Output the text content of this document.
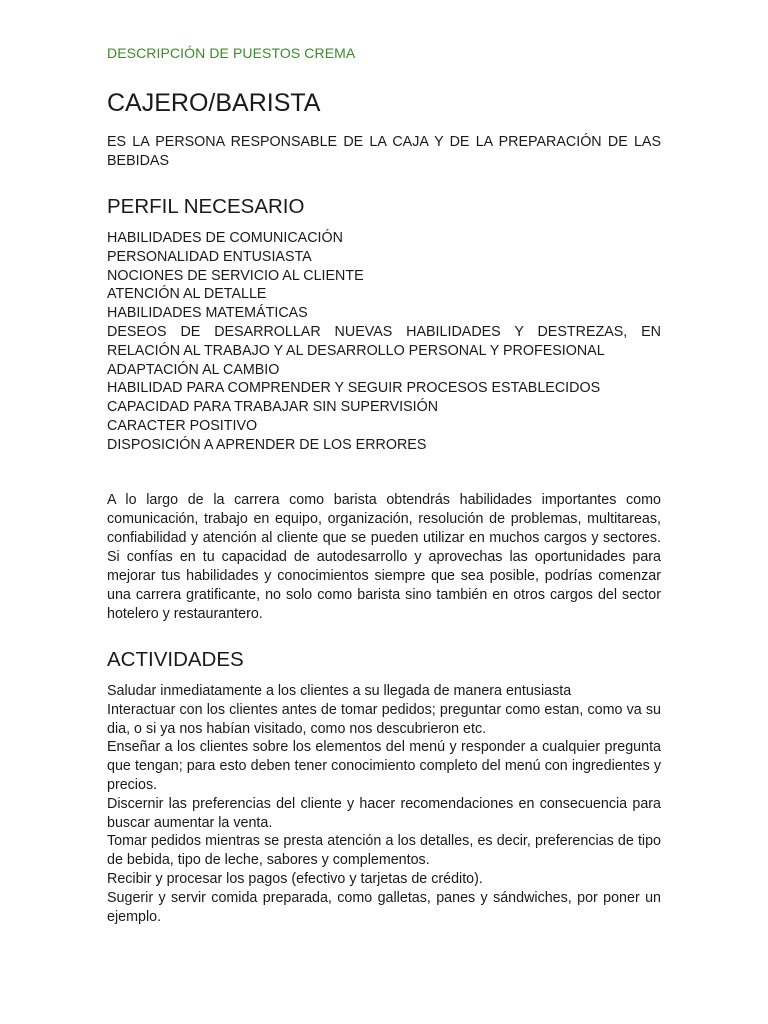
DESCRIPCIÓN DE PUESTOS CREMA
CAJERO/BARISTA

ES LA PERSONA RESPONSABLE DE LA CAJA Y DE LA PREPARACIÓN DE LAS BEBIDAS

PERFIL NECESARIO
HABILIDADES DE COMUNICACIÓN
PERSONALIDAD ENTUSIASTA
NOCIONES DE SERVICIO AL CLIENTE
ATENCIÓN AL DETALLE
HABILIDADES MATEMÁTICAS
DESEOS DE DESARROLLAR NUEVAS HABILIDADES Y DESTREZAS, EN RELACIÓN AL TRABAJO Y AL DESARROLLO PERSONAL Y PROFESIONAL
ADAPTACIÓN AL CAMBIO
HABILIDAD PARA COMPRENDER Y SEGUIR PROCESOS ESTABLECIDOS
CAPACIDAD PARA TRABAJAR SIN SUPERVISIÓN
CARACTER POSITIVO
DISPOSICIÓN A APRENDER DE LOS ERRORES

A lo largo de la carrera como barista obtendrás habilidades importantes como comunicación, trabajo en equipo, organización, resolución de problemas, multitareas, confiabilidad y atención al cliente que se pueden utilizar en muchos cargos y sectores. Si confías en tu capacidad de autodesarrollo y aprovechas las oportunidades para mejorar tus habilidades y conocimientos siempre que sea posible, podrías comenzar una carrera gratificante, no solo como barista sino también en otros cargos del sector hotelero y restaurantero.

ACTIVIDADES
Saludar inmediatamente a los clientes a su llegada de manera entusiasta
Interactuar con los clientes antes de tomar pedidos; preguntar como estan, como va su dia, o si ya nos habían visitado, como nos descubrieron etc.
Enseñar a los clientes sobre los elementos del menú y responder a cualquier pregunta que tengan; para esto deben tener conocimiento completo del menú con ingredientes y precios.
Discernir las preferencias del cliente y hacer recomendaciones en consecuencia para buscar aumentar la venta.
Tomar pedidos mientras se presta atención a los detalles, es decir, preferencias de tipo de bebida, tipo de leche, sabores y complementos.
Recibir y procesar los pagos (efectivo y tarjetas de crédito).
Sugerir y servir comida preparada, como galletas, panes y sándwiches, por poner un ejemplo.
